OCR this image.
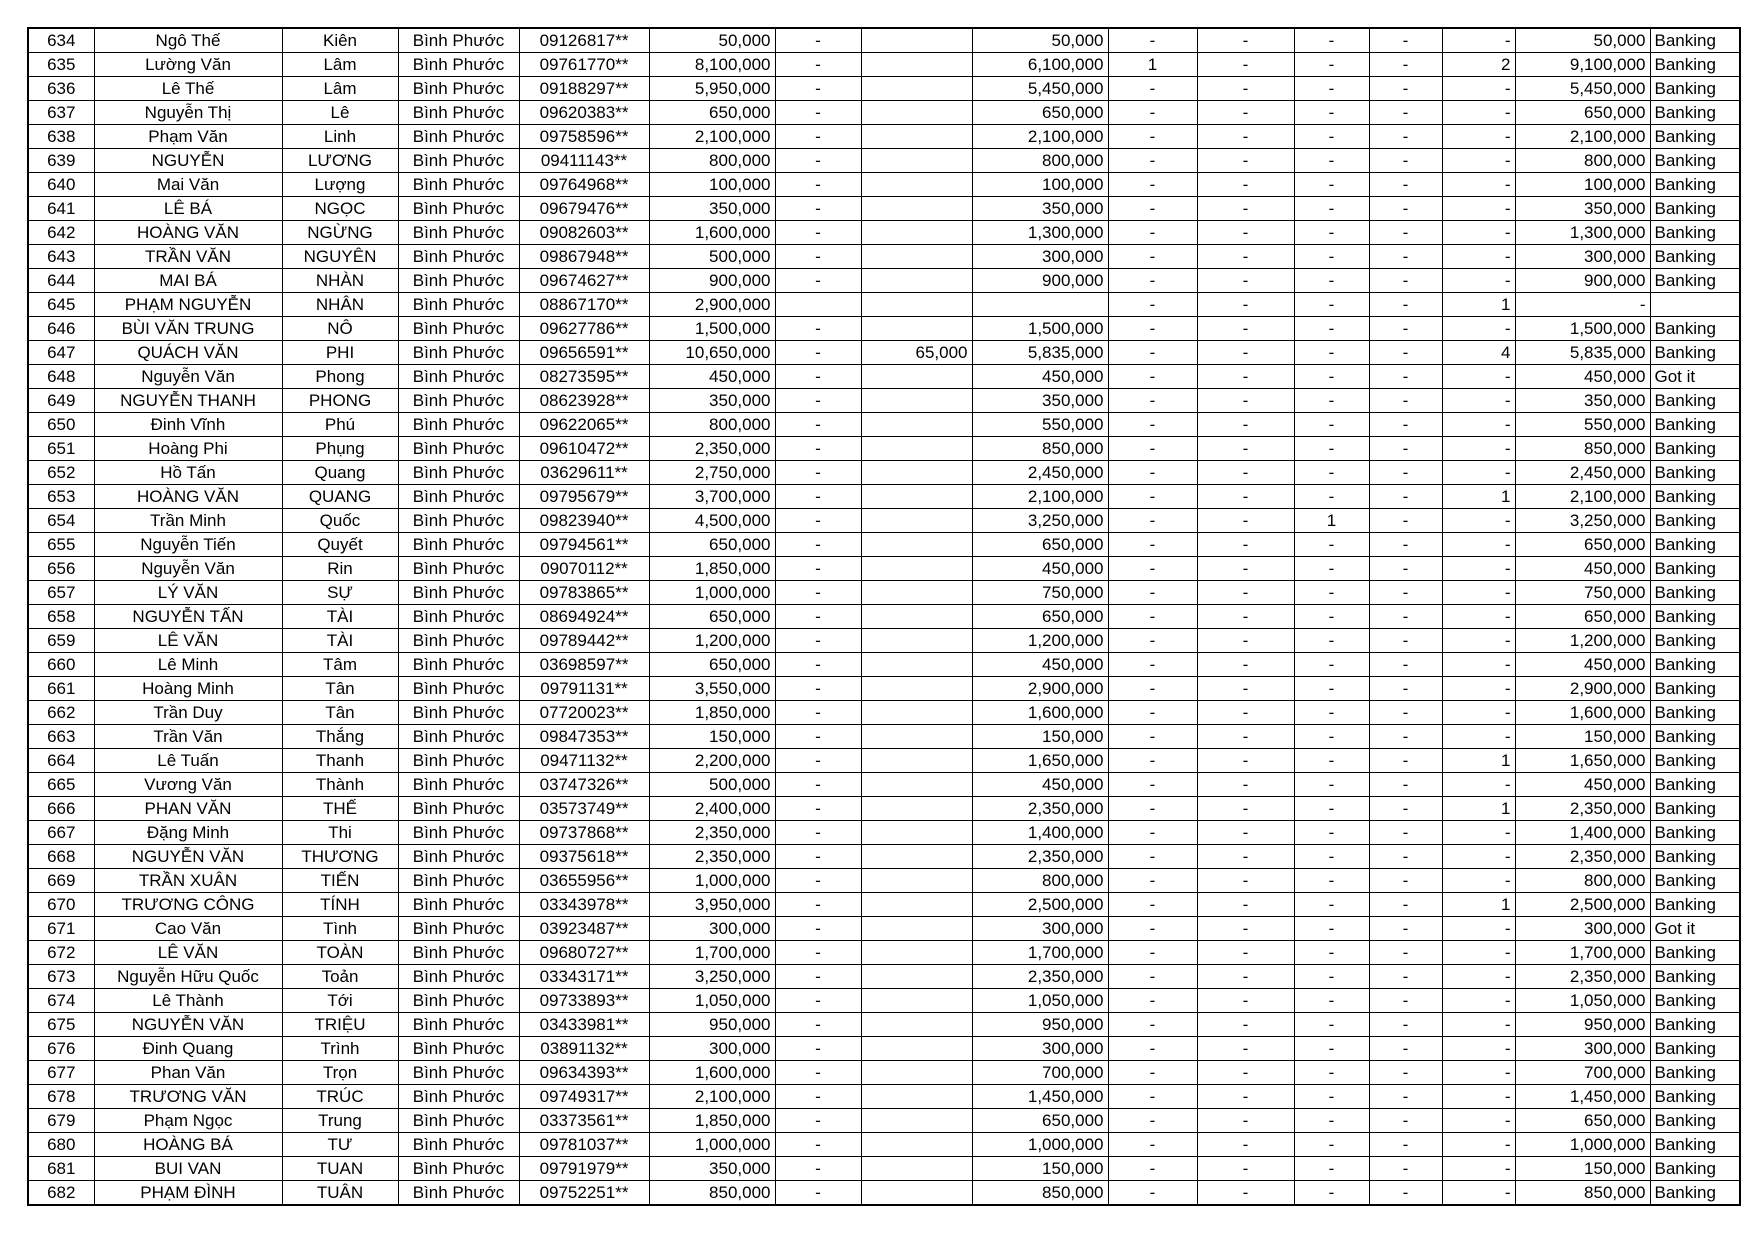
634	Ngô Thế	Kiên	Bình Phước	09126817**	50,000	-		50,000	-	-	-	-	-	50,000	Banking
635	Lường Văn	Lâm	Bình Phước	09761770**	8,100,000	-		6,100,000	1	-	-	-	2	9,100,000	Banking
636	Lê Thế	Lâm	Bình Phước	09188297**	5,950,000	-		5,450,000	-	-	-	-	-	5,450,000	Banking
637	Nguyễn Thị	Lê	Bình Phước	09620383**	650,000	-		650,000	-	-	-	-	-	650,000	Banking
638	Phạm Văn	Linh	Bình Phước	09758596**	2,100,000	-		2,100,000	-	-	-	-	-	2,100,000	Banking
639	NGUYỄN	LƯƠNG	Bình Phước	09411143**	800,000	-		800,000	-	-	-	-	-	800,000	Banking
640	Mai Văn	Lượng	Bình Phước	09764968**	100,000	-		100,000	-	-	-	-	-	100,000	Banking
641	LÊ BÁ	NGỌC	Bình Phước	09679476**	350,000	-		350,000	-	-	-	-	-	350,000	Banking
642	HOÀNG VĂN	NGỪNG	Bình Phước	09082603**	1,600,000	-		1,300,000	-	-	-	-	-	1,300,000	Banking
643	TRẦN VĂN	NGUYÊN	Bình Phước	09867948**	500,000	-		300,000	-	-	-	-	-	300,000	Banking
644	MAI BÁ	NHÀN	Bình Phước	09674627**	900,000	-		900,000	-	-	-	-	-	900,000	Banking
645	PHẠM NGUYỄN	NHÂN	Bình Phước	08867170**	2,900,000				-	-	-	-	1	-	
646	BÙI VĂN TRUNG	NÔ	Bình Phước	09627786**	1,500,000	-		1,500,000	-	-	-	-	-	1,500,000	Banking
647	QUÁCH VĂN	PHI	Bình Phước	09656591**	10,650,000	-	65,000	5,835,000	-	-	-	-	4	5,835,000	Banking
648	Nguyễn Văn	Phong	Bình Phước	08273595**	450,000	-		450,000	-	-	-	-	-	450,000	Got it
649	NGUYỄN THANH	PHONG	Bình Phước	08623928**	350,000	-		350,000	-	-	-	-	-	350,000	Banking
650	Đinh Vĩnh	Phú	Bình Phước	09622065**	800,000	-		550,000	-	-	-	-	-	550,000	Banking
651	Hoàng Phi	Phụng	Bình Phước	09610472**	2,350,000	-		850,000	-	-	-	-	-	850,000	Banking
652	Hồ Tấn	Quang	Bình Phước	03629611**	2,750,000	-		2,450,000	-	-	-	-	-	2,450,000	Banking
653	HOÀNG VĂN	QUANG	Bình Phước	09795679**	3,700,000	-		2,100,000	-	-	-	-	1	2,100,000	Banking
654	Trần Minh	Quốc	Bình Phước	09823940**	4,500,000	-		3,250,000	-	-	1	-	-	3,250,000	Banking
655	Nguyễn Tiến	Quyết	Bình Phước	09794561**	650,000	-		650,000	-	-	-	-	-	650,000	Banking
656	Nguyễn Văn	Rin	Bình Phước	09070112**	1,850,000	-		450,000	-	-	-	-	-	450,000	Banking
657	LÝ VĂN	SỰ	Bình Phước	09783865**	1,000,000	-		750,000	-	-	-	-	-	750,000	Banking
658	NGUYỄN TẤN	TÀI	Bình Phước	08694924**	650,000	-		650,000	-	-	-	-	-	650,000	Banking
659	LÊ VĂN	TÀI	Bình Phước	09789442**	1,200,000	-		1,200,000	-	-	-	-	-	1,200,000	Banking
660	Lê Minh	Tâm	Bình Phước	03698597**	650,000	-		450,000	-	-	-	-	-	450,000	Banking
661	Hoàng Minh	Tân	Bình Phước	09791131**	3,550,000	-		2,900,000	-	-	-	-	-	2,900,000	Banking
662	Trần Duy	Tân	Bình Phước	07720023**	1,850,000	-		1,600,000	-	-	-	-	-	1,600,000	Banking
663	Trần Văn	Thắng	Bình Phước	09847353**	150,000	-		150,000	-	-	-	-	-	150,000	Banking
664	Lê Tuấn	Thanh	Bình Phước	09471132**	2,200,000	-		1,650,000	-	-	-	-	1	1,650,000	Banking
665	Vương Văn	Thành	Bình Phước	03747326**	500,000	-		450,000	-	-	-	-	-	450,000	Banking
666	PHAN VĂN	THẾ	Bình Phước	03573749**	2,400,000	-		2,350,000	-	-	-	-	1	2,350,000	Banking
667	Đặng Minh	Thi	Bình Phước	09737868**	2,350,000	-		1,400,000	-	-	-	-	-	1,400,000	Banking
668	NGUYỄN VĂN	THƯƠNG	Bình Phước	09375618**	2,350,000	-		2,350,000	-	-	-	-	-	2,350,000	Banking
669	TRẦN XUÂN	TIẾN	Bình Phước	03655956**	1,000,000	-		800,000	-	-	-	-	-	800,000	Banking
670	TRƯƠNG CÔNG	TÍNH	Bình Phước	03343978**	3,950,000	-		2,500,000	-	-	-	-	1	2,500,000	Banking
671	Cao Văn	Tình	Bình Phước	03923487**	300,000	-		300,000	-	-	-	-	-	300,000	Got it
672	LÊ VĂN	TOÀN	Bình Phước	09680727**	1,700,000	-		1,700,000	-	-	-	-	-	1,700,000	Banking
673	Nguyễn Hữu Quốc	Toản	Bình Phước	03343171**	3,250,000	-		2,350,000	-	-	-	-	-	2,350,000	Banking
674	Lê Thành	Tới	Bình Phước	09733893**	1,050,000	-		1,050,000	-	-	-	-	-	1,050,000	Banking
675	NGUYỄN VĂN	TRIỆU	Bình Phước	03433981**	950,000	-		950,000	-	-	-	-	-	950,000	Banking
676	Đinh Quang	Trình	Bình Phước	03891132**	300,000	-		300,000	-	-	-	-	-	300,000	Banking
677	Phan Văn	Trọn	Bình Phước	09634393**	1,600,000	-		700,000	-	-	-	-	-	700,000	Banking
678	TRƯƠNG VĂN	TRÚC	Bình Phước	09749317**	2,100,000	-		1,450,000	-	-	-	-	-	1,450,000	Banking
679	Phạm Ngọc	Trung	Bình Phước	03373561**	1,850,000	-		650,000	-	-	-	-	-	650,000	Banking
680	HOÀNG BÁ	TƯ	Bình Phước	09781037**	1,000,000	-		1,000,000	-	-	-	-	-	1,000,000	Banking
681	BUI VAN	TUAN	Bình Phước	09791979**	350,000	-		150,000	-	-	-	-	-	150,000	Banking
682	PHẠM ĐÌNH	TUÂN	Bình Phước	09752251**	850,000	-		850,000	-	-	-	-	-	850,000	Banking
